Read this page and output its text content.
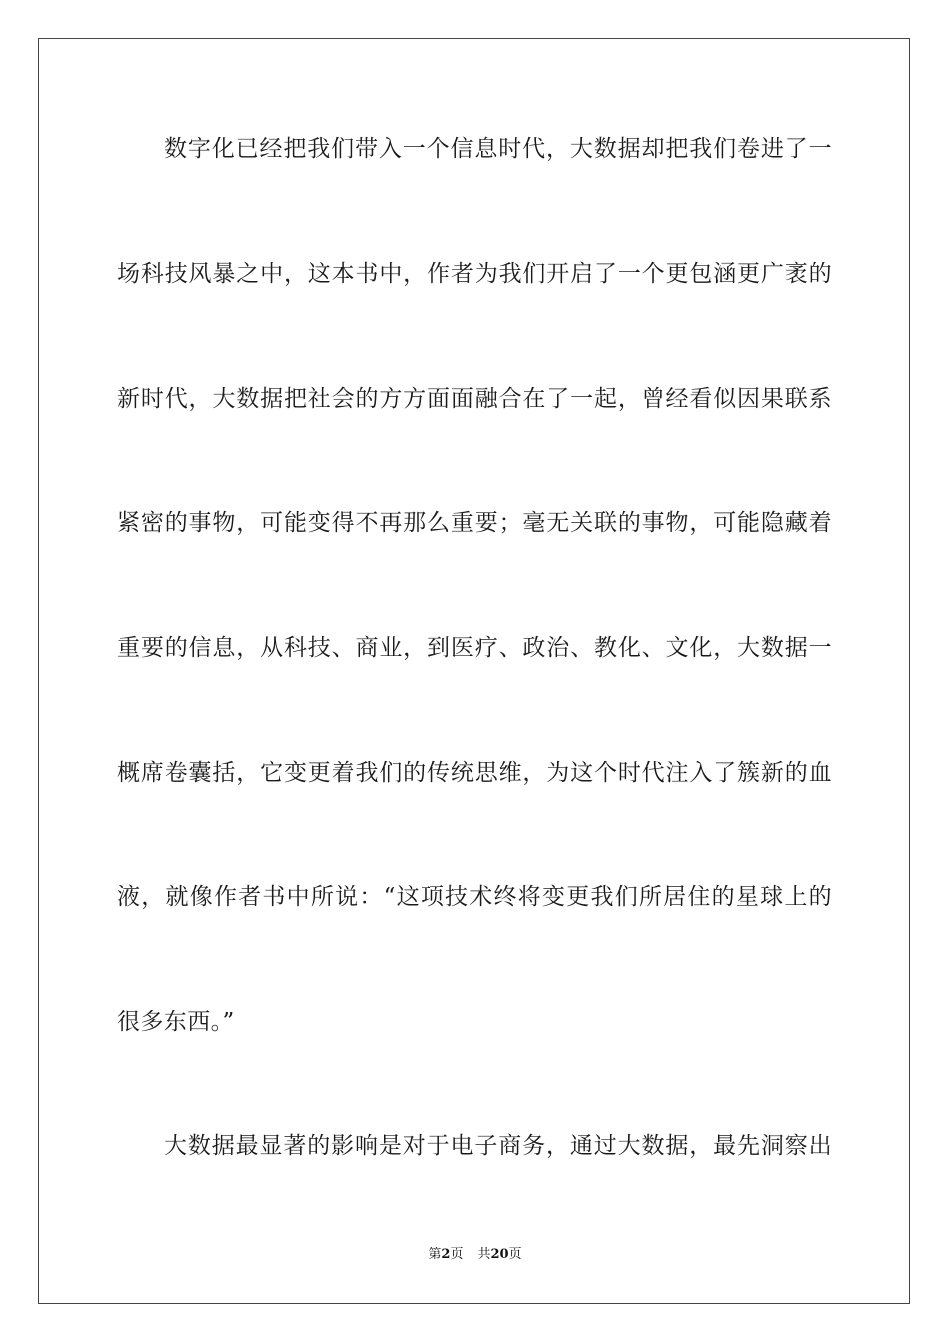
数字化已经把我们带入一个信息时代，大数据却把我们卷进了一
场科技风暴之中，这本书中，作者为我们开启了一个更包涵更广袤的
新时代，大数据把社会的方方面面融合在了一起，曾经看似因果联系
紧密的事物，可能变得不再那么重要；毫无关联的事物，可能隐藏着
重要的信息，从科技、商业，到医疗、政治、教化、文化，大数据一
概席卷囊括，它变更着我们的传统思维，为这个时代注入了簇新的血
液，就像作者书中所说：“这项技术终将变更我们所居住的星球上的
很多东西。”
大数据最显著的影响是对于电子商务，通过大数据，最先洞察出
第2页 共20页
